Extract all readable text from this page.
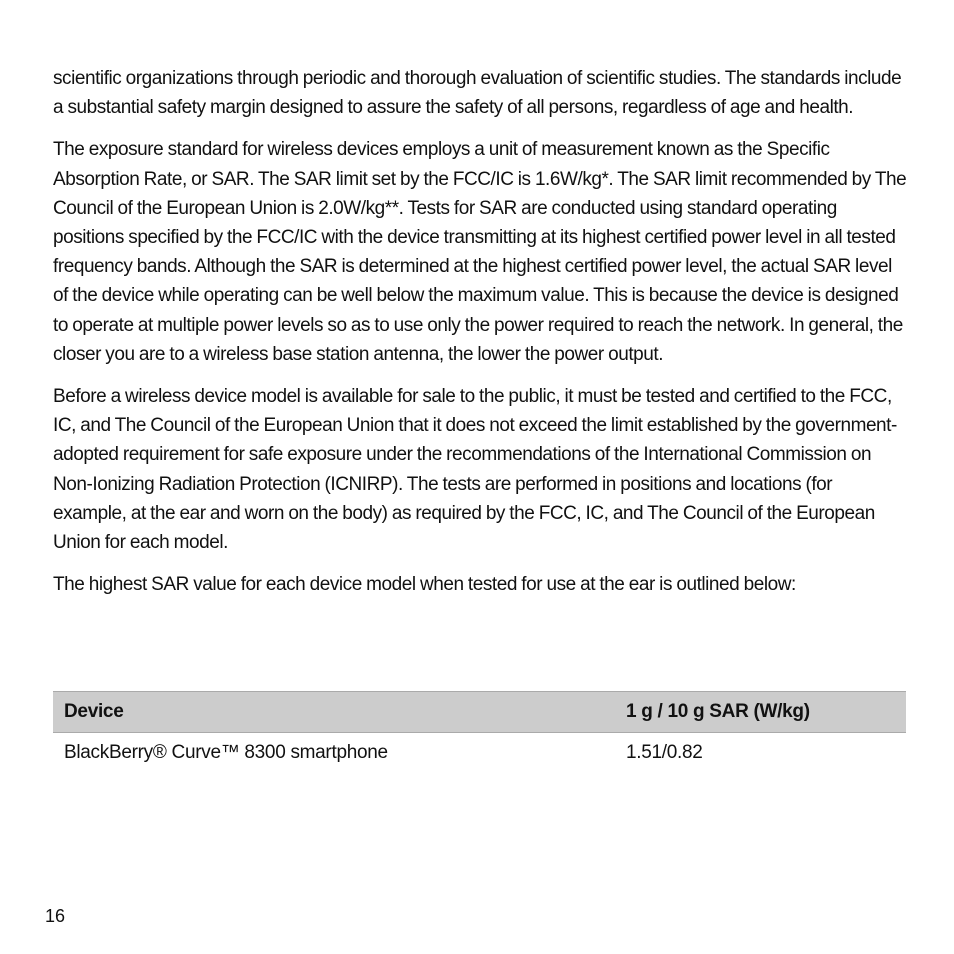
scientific organizations through periodic and thorough evaluation of scientific studies. The standards include a substantial safety margin designed to assure the safety of all persons, regardless of age and health.

The exposure standard for wireless devices employs a unit of measurement known as the Specific Absorption Rate, or SAR. The SAR limit set by the FCC/IC is 1.6W/kg*. The SAR limit recommended by The Council of the European Union is 2.0W/kg**. Tests for SAR are conducted using standard operating positions specified by the FCC/IC with the device transmitting at its highest certified power level in all tested frequency bands. Although the SAR is determined at the highest certified power level, the actual SAR level of the device while operating can be well below the maximum value. This is because the device is designed to operate at multiple power levels so as to use only the power required to reach the network. In general, the closer you are to a wireless base station antenna, the lower the power output.

Before a wireless device model is available for sale to the public, it must be tested and certified to the FCC, IC, and The Council of the European Union that it does not exceed the limit established by the government-adopted requirement for safe exposure under the recommendations of the International Commission on Non-Ionizing Radiation Protection (ICNIRP). The tests are performed in positions and locations (for example, at the ear and worn on the body) as required by the FCC, IC, and The Council of the European Union for each model.

The highest SAR value for each device model when tested for use at the ear is outlined below:

Device	1 g / 10 g SAR (W/kg)
BlackBerry® Curve™ 8300 smartphone	1.51/0.82
16
